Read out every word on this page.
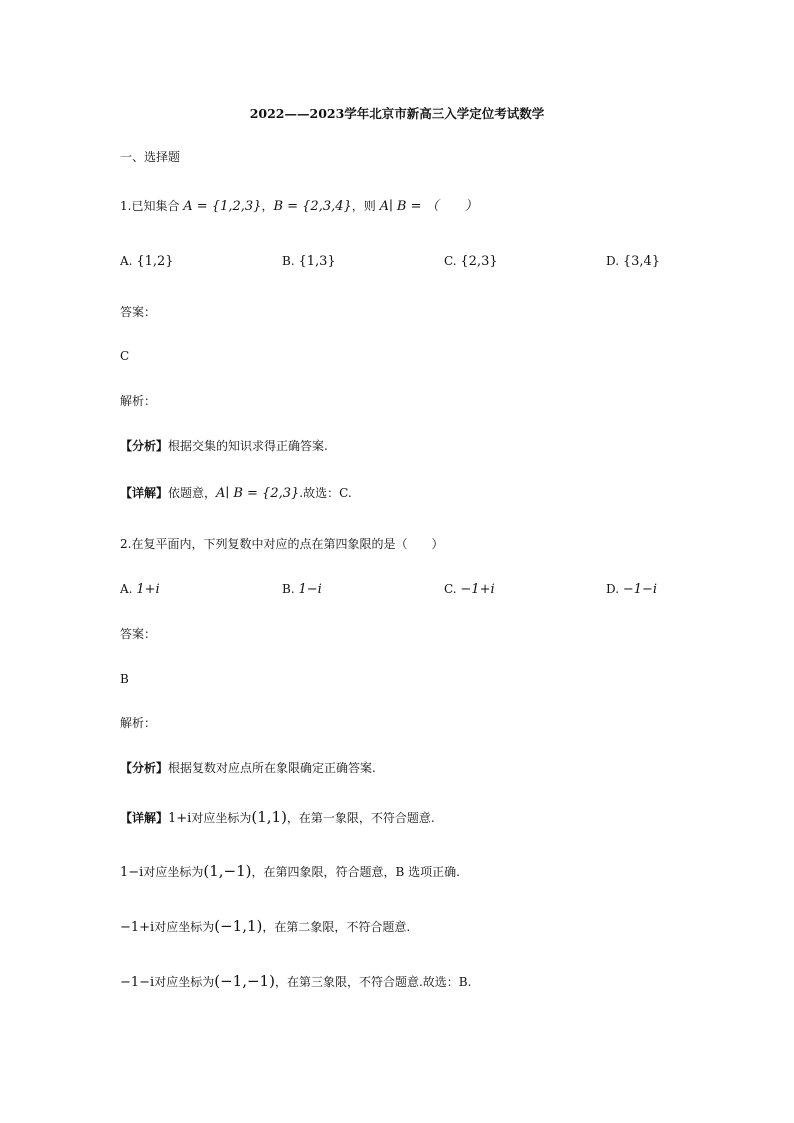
2022——2023学年北京市新高三入学定位考试数学
一、选择题
1.已知集合 A = {1,2,3}，B = {2,3,4}，则 A∣ B = （　　）
A. {1,2}	B. {1,3}	C. {2,3}	D. {3,4}
答案：
C
解析：
【分析】根据交集的知识求得正确答案.
【详解】依题意，A∣ B = {2,3}.故选：C.
2.在复平面内，下列复数中对应的点在第四象限的是（　　）
A. 1+i	B. 1−i	C. −1+i	D. −1−i
答案：
B
解析：
【分析】根据复数对应点所在象限确定正确答案.
【详解】1+i对应坐标为(1,1)，在第一象限，不符合题意.
1−i对应坐标为(1,−1)，在第四象限，符合题意，B 选项正确.
−1+i对应坐标为(−1,1)，在第二象限，不符合题意.
−1−i对应坐标为(−1,−1)，在第三象限，不符合题意.故选：B.
